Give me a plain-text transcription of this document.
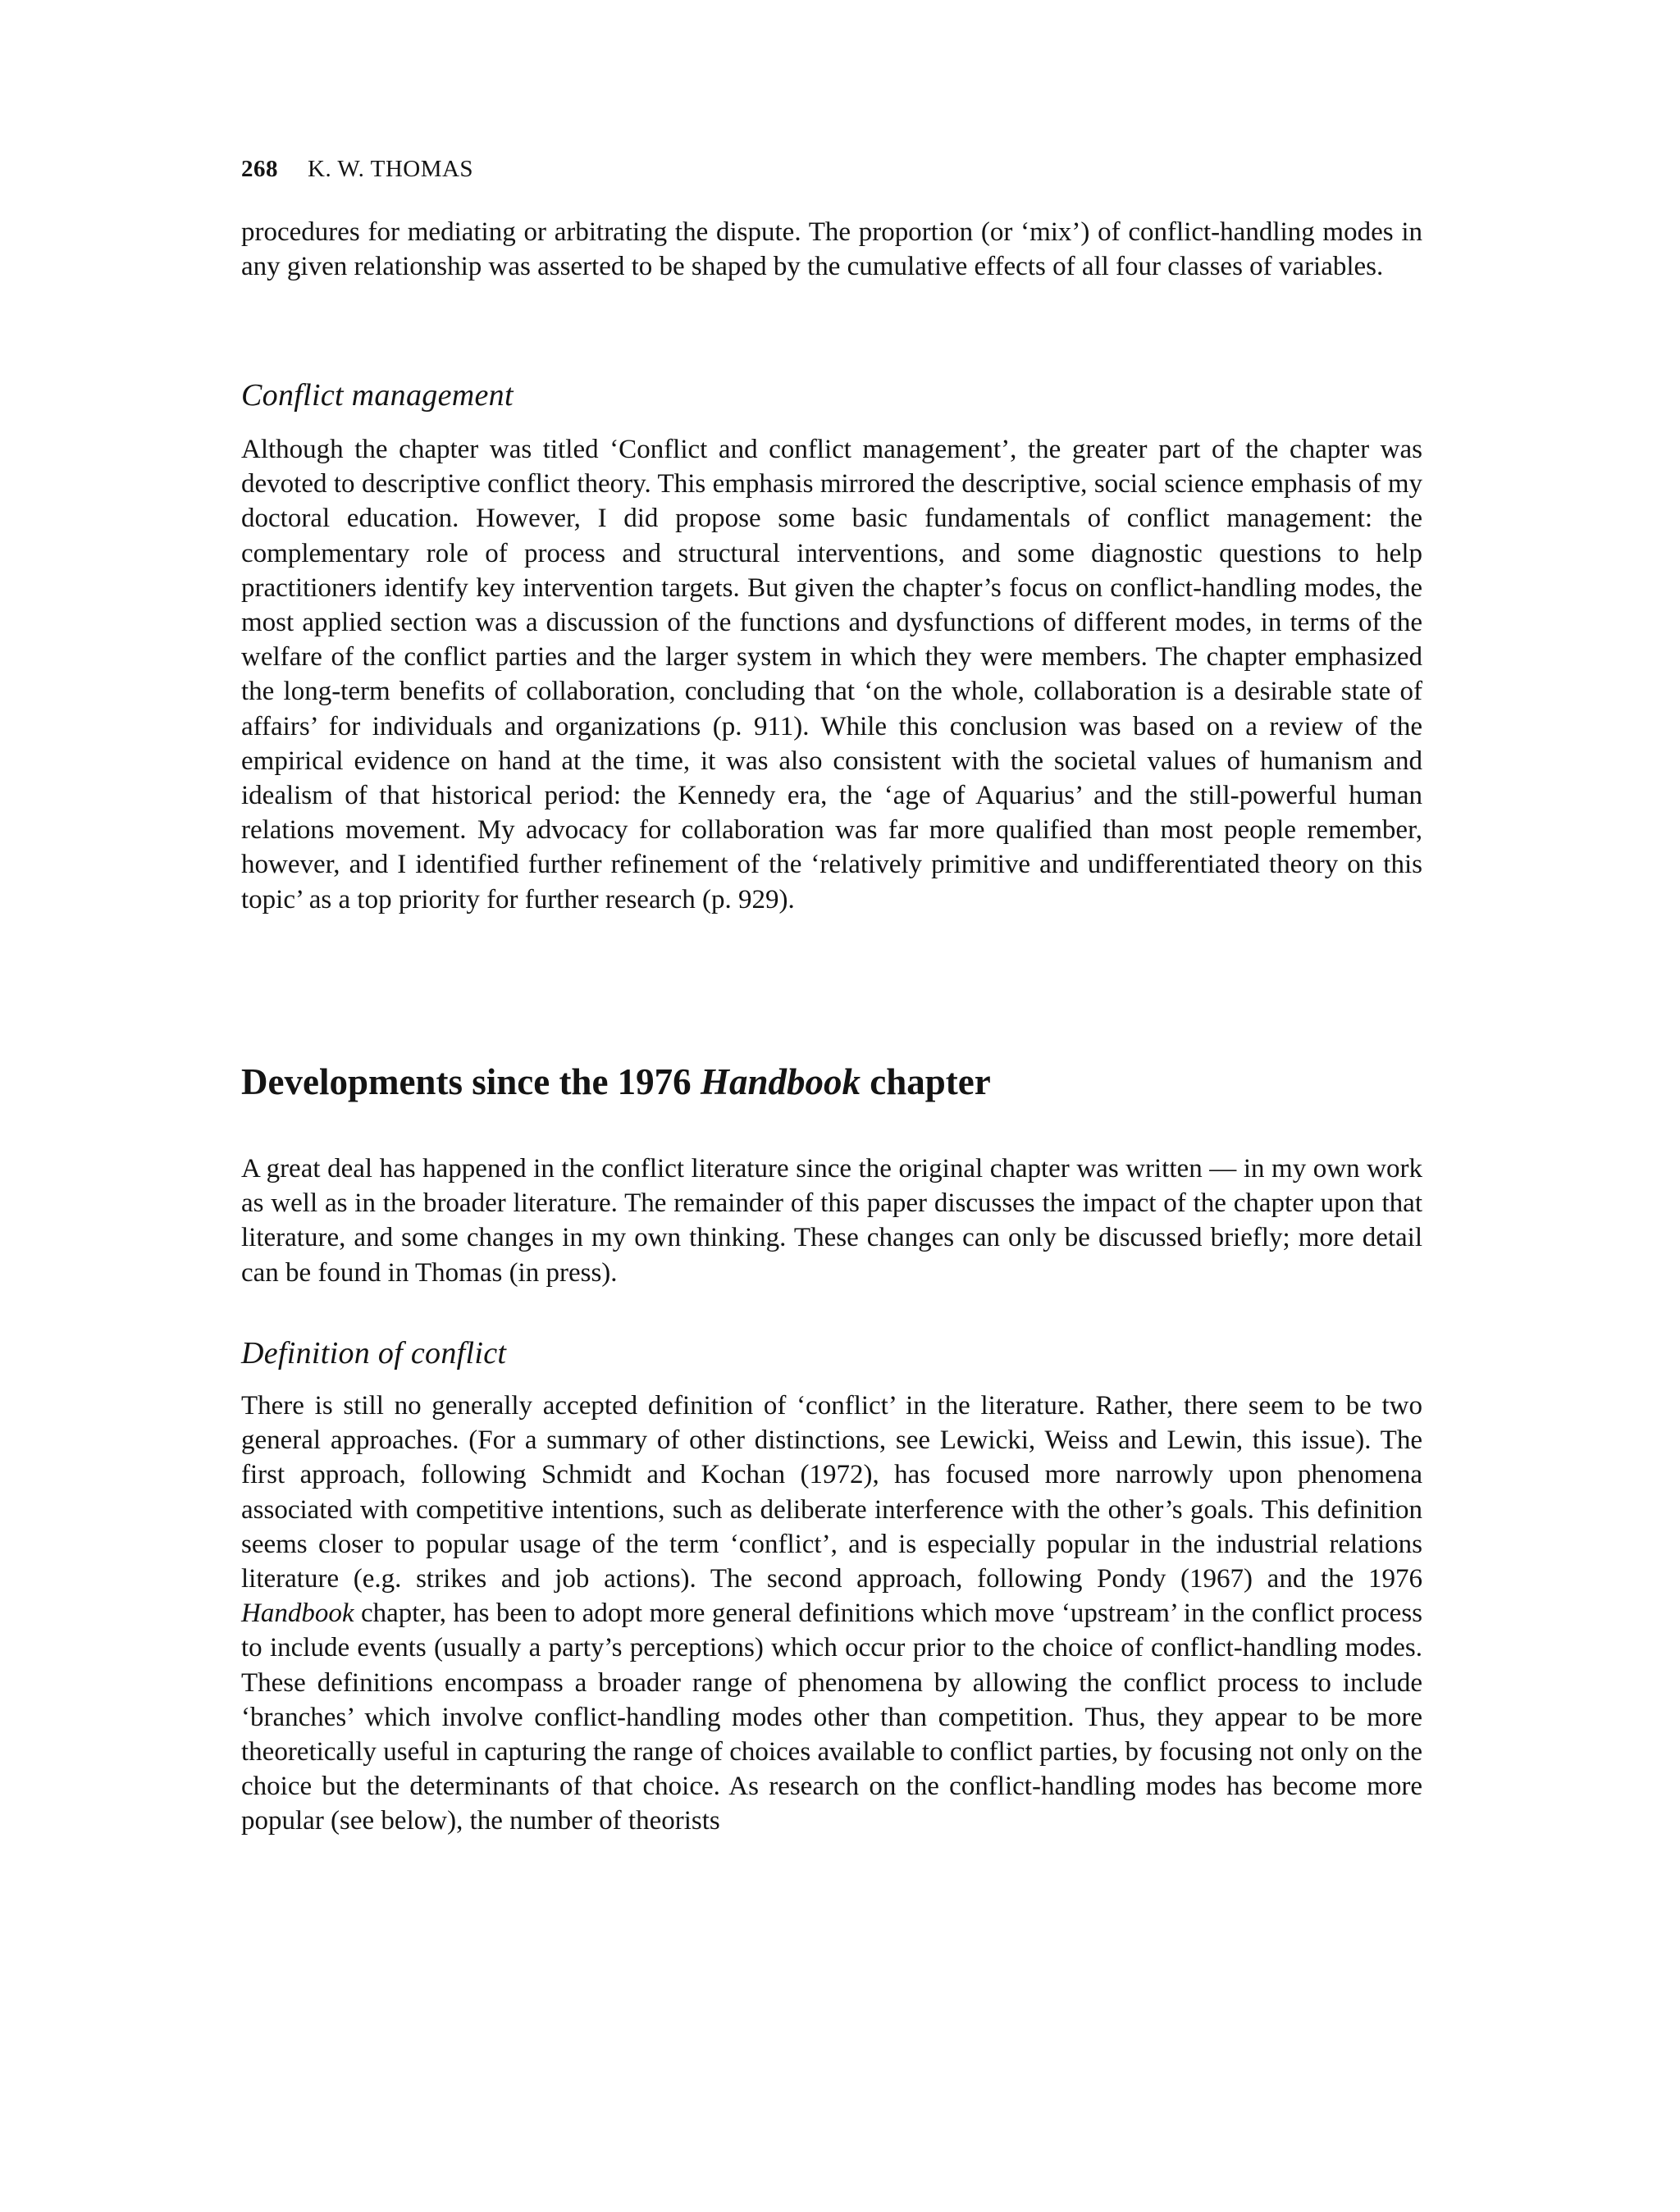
268 K. W. THOMAS

procedures for mediating or arbitrating the dispute. The proportion (or ‘mix’) of conflict-handling modes in any given relationship was asserted to be shaped by the cumulative effects of all four classes of variables.

Conflict management

Although the chapter was titled ‘Conflict and conflict management’, the greater part of the chapter was devoted to descriptive conflict theory. This emphasis mirrored the descriptive, social science emphasis of my doctoral education. However, I did propose some basic fundamentals of conflict management: the complementary role of process and structural interventions, and some diagnostic questions to help practitioners identify key intervention targets. But given the chapter’s focus on conflict-handling modes, the most applied section was a discussion of the functions and dysfunctions of different modes, in terms of the welfare of the conflict parties and the larger system in which they were members. The chapter emphasized the long-term benefits of collaboration, concluding that ‘on the whole, collaboration is a desirable state of affairs’ for individuals and organizations (p. 911). While this conclusion was based on a review of the empirical evidence on hand at the time, it was also consistent with the societal values of humanism and idealism of that historical period: the Kennedy era, the ‘age of Aquarius’ and the still-powerful human relations movement. My advocacy for collaboration was far more qualified than most people remember, however, and I identified further refinement of the ‘relatively primitive and undifferentiated theory on this topic’ as a top priority for further research (p. 929).

Developments since the 1976 Handbook chapter

A great deal has happened in the conflict literature since the original chapter was written — in my own work as well as in the broader literature. The remainder of this paper discusses the impact of the chapter upon that literature, and some changes in my own thinking. These changes can only be discussed briefly; more detail can be found in Thomas (in press).

Definition of conflict

There is still no generally accepted definition of ‘conflict’ in the literature. Rather, there seem to be two general approaches. (For a summary of other distinctions, see Lewicki, Weiss and Lewin, this issue). The first approach, following Schmidt and Kochan (1972), has focused more narrowly upon phenomena associated with competitive intentions, such as deliberate interference with the other’s goals. This definition seems closer to popular usage of the term ‘conflict’, and is especially popular in the industrial relations literature (e.g. strikes and job actions). The second approach, following Pondy (1967) and the 1976 Handbook chapter, has been to adopt more general definitions which move ‘upstream’ in the conflict process to include events (usually a party’s perceptions) which occur prior to the choice of conflict-handling modes. These definitions encompass a broader range of phenomena by allowing the conflict process to include ‘branches’ which involve conflict-handling modes other than competition. Thus, they appear to be more theoretically useful in capturing the range of choices available to conflict parties, by focusing not only on the choice but the determinants of that choice. As research on the conflict-handling modes has become more popular (see below), the number of theorists
